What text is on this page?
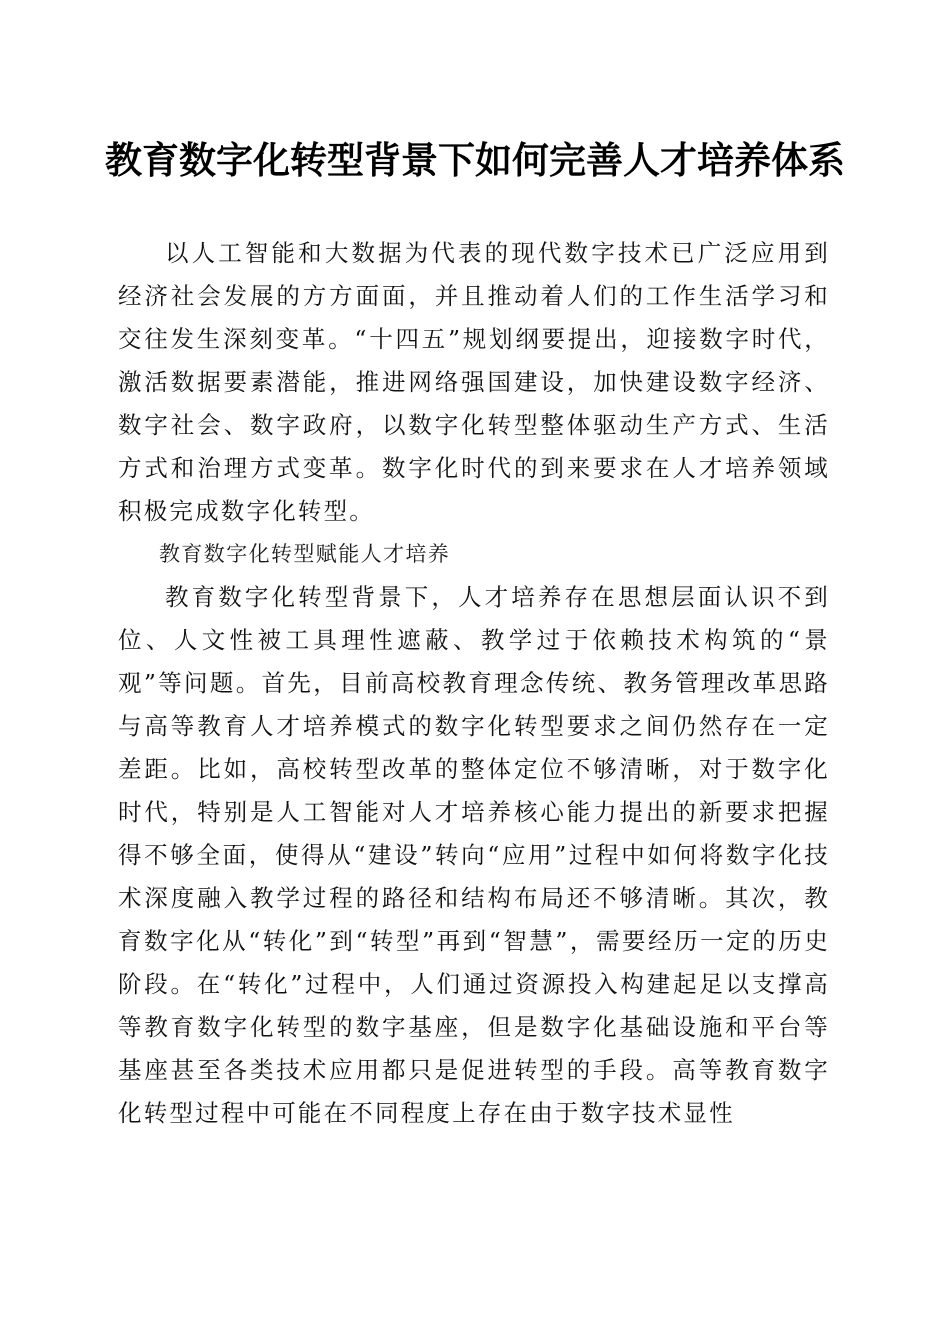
教育数字化转型背景下如何完善人才培养体系

以人工智能和大数据为代表的现代数字技术已广泛应用到经济社会发展的方方面面，并且推动着人们的工作生活学习和交往发生深刻变革。“十四五”规划纲要提出，迎接数字时代，激活数据要素潜能，推进网络强国建设，加快建设数字经济、数字社会、数字政府，以数字化转型整体驱动生产方式、生活方式和治理方式变革。数字化时代的到来要求在人才培养领域积极完成数字化转型。

教育数字化转型赋能人才培养

教育数字化转型背景下，人才培养存在思想层面认识不到位、人文性被工具理性遮蔽、教学过于依赖技术构筑的“景观”等问题。首先，目前高校教育理念传统、教务管理改革思路与高等教育人才培养模式的数字化转型要求之间仍然存在一定差距。比如，高校转型改革的整体定位不够清晰，对于数字化时代，特别是人工智能对人才培养核心能力提出的新要求把握得不够全面，使得从“建设”转向“应用”过程中如何将数字化技术深度融入教学过程的路径和结构布局还不够清晰。其次，教育数字化从“转化”到“转型”再到“智慧”，需要经历一定的历史阶段。在“转化”过程中，人们通过资源投入构建起足以支撑高等教育数字化转型的数字基座，但是数字化基础设施和平台等基座甚至各类技术应用都只是促进转型的手段。高等教育数字化转型过程中可能在不同程度上存在由于数字技术显性
